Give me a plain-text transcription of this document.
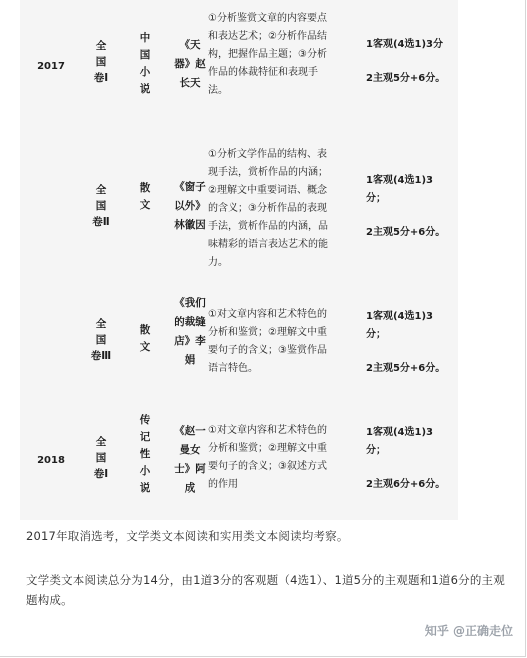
2017
全
国
卷Ⅰ
中
国
小
说
《天
器》赵
长天
①分析鉴赏文章的内容要点
和表达艺术；②分析作品结
构，把握作品主题；③分析
作品的体裁特征和表现手
法。
1客观(4选1)3分
2主观5分+6分。
全
国
卷Ⅱ
散
文
《窗子
以外》
林徽因
①分析文学作品的结构、表
现手法，赏析作品的内涵；
②理解文中重要词语、概念
的含义；③分析作品的表现
手法，赏析作品的内涵，品
味精彩的语言表达艺术的能
力。
1客观(4选1)3
分；
2主观5分+6分。
全
国
卷Ⅲ
散
文
《我们
的裁缝
店》李
娟
①对文章内容和艺术特色的
分析和鉴赏；②理解文中重
要句子的含义；③鉴赏作品
语言特色。
1客观(4选1)3
分；
2主观5分+6分。
2018
全
国
卷Ⅰ
传
记
性
小
说
《赵一
曼女
士》阿
成
①对文章内容和艺术特色的
分析和鉴赏；②理解文中重
要句子的含义；③叙述方式
的作用
1客观(4选1)3
分；
2主观6分+6分。
2017年取消选考，文学类文本阅读和实用类文本阅读均考察。
文学类文本阅读总分为14分，由1道3分的客观题（4选1）、1道5分的主观题和1道6分的主观题构成。
知乎 @正确走位
